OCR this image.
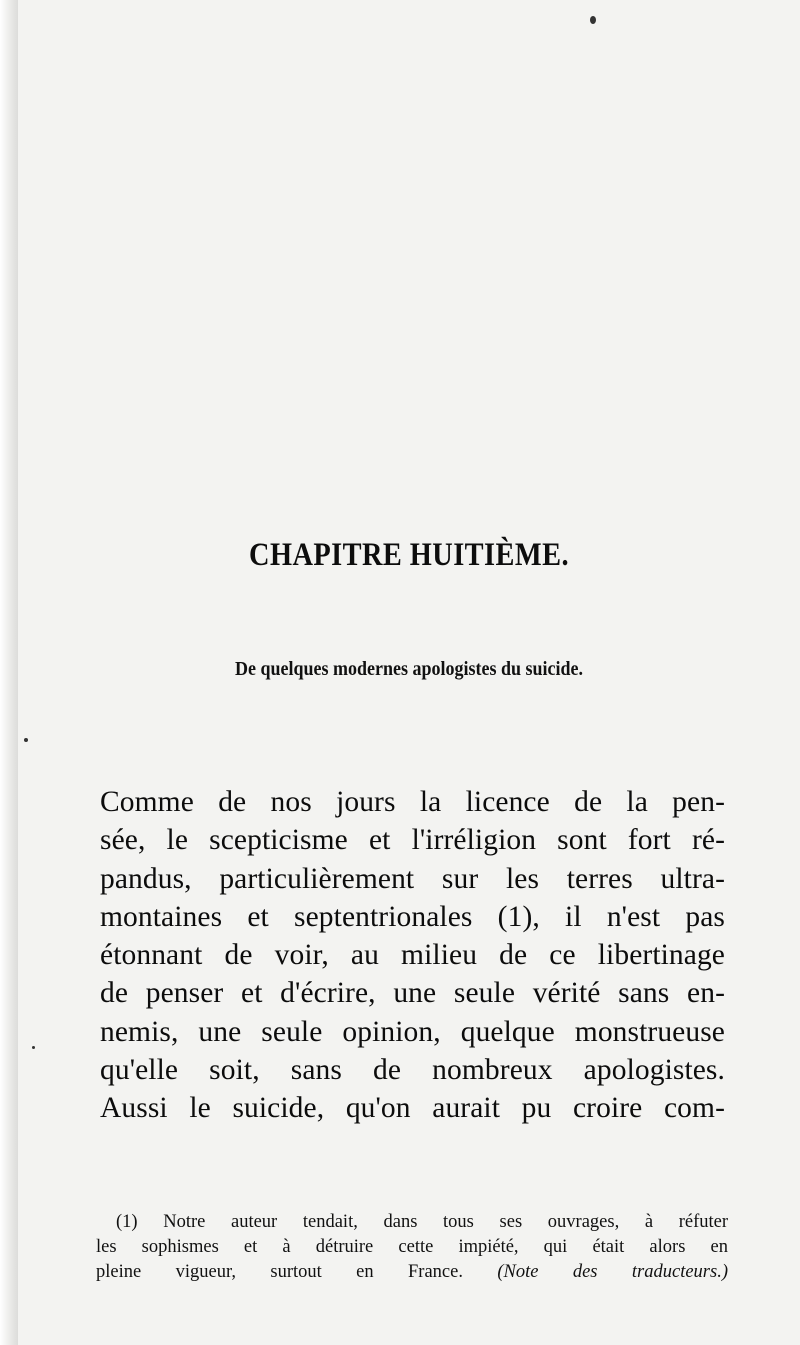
CHAPITRE HUITIÈME.
De quelques modernes apologistes du suicide.
Comme de nos jours la licence de la pen-
sée, le scepticisme et l'irréligion sont fort ré-
pandus, particulièrement sur les terres ultra-
montaines et septentrionales (1), il n'est pas
étonnant de voir, au milieu de ce libertinage
de penser et d'écrire, une seule vérité sans en-
nemis, une seule opinion, quelque monstrueuse
qu'elle soit, sans de nombreux apologistes.
Aussi le suicide, qu'on aurait pu croire com-
(1) Notre auteur tendait, dans tous ses ouvrages, à réfuter
les sophismes et à détruire cette impiété, qui était alors en
pleine vigueur, surtout en France. (Note des traducteurs.)
